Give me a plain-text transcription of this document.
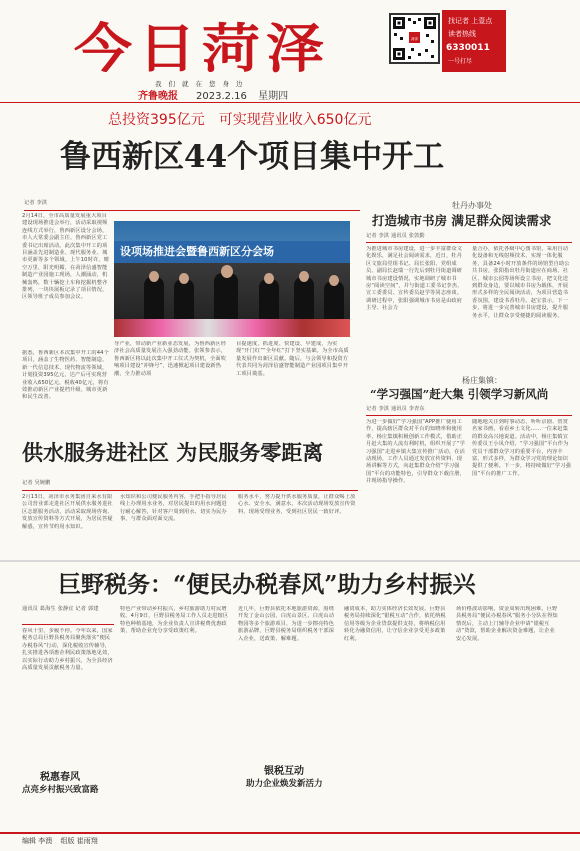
今日菏泽
我们就在您身边
齐鲁晚报 2023.2.16 星期四
菏泽
找记者 上壹点
读者热线
6330011
一号打尽
总投资395亿元　可实现营业收入650亿元
鲁西新区44个项目集中开工
记者 李淇
2月14日，全市高质量发展重大项目建设现场推进会举行，活动采取视频连线方式举行，鲁西新区设分会场，市人大常委会副主任、鲁西新区党工委书记出席活动。此次集中开工的项目涵盖先进制造业、现代服务业、城市更新等多个领域。上午10时许，晴空万里，阳光明媚，在菏泽信盛智能制造产业园施工现场，人潮涌动，机械轰鸣，数十辆挖土车和挖掘机整齐排列，一块块展板记录了项目情况，区领导班子成员参加会议。
据悉，鲁西新区本次集中开工的44个项目，涵盖了生物医药、智能制造、新一代信息技术、现代物流等领域，计划投资395亿元，达产后可实现营业收入650亿元，税收40亿元，将有效推动新区产业提档升级、城市更新和民生改善。
设项场推进会暨鲁西新区分会场
导产业，带动新产业新业态发展，为鲁西新区经济社会高质量发展注入强劲动能。张领参表示，鲁西新区将以此次集中开工仪式为契机，全面吹响项目建设“冲锋号”，迅速掀起项目建设新热潮，全力推动项
目提速度、抓进度、快建设、早建成，为实现“开门红”“全年红”打下坚实基础，为全市高质量发展作出新区贡献。随后，与会领导和投资方代表共同为菏泽信盛智能制造产业园项目集中开工项目奠基。
牡丹办事处
打造城市书房 满足群众阅读需求
记者 李淇 通讯员 张敦勤
为推进城市书房建设，进一步丰富群众文化娱乐，满足社会阅读需求，近日，牡丹区文旅局党组书记、局长张阳、党组成员、副局长赵瑞一行先后到牡丹街道调研城市书房建设情况，实地调研了城市书房“阅读空间”，并与街道工委书记李杰、宣工委委员、宣传委员赵学等同志座谈。调研过程中，张阳强调城市书房是由政府主导、社会力
量合办，依托各级中心图书馆，采用自动化设备和无线射频技术，实现一体化服务，具备24小时开放条件的场馆型自助公共书房，张阳指出牡丹街道应在商场、社区、城市公园等场所设立书房，把文化送到群众身边，要以城市书房为载体，开展形式多样的全民阅读活动，为项目营造书香氛围，建设书香牡丹。赵宝表示，下一步，将进一步完善城市书房建设，提升服务水平，让群众享受便捷的阅读服务。
杨庄集镇：
“学习强国”赶大集 引领学习新风尚
记者 李淇 通讯员 李青东
为进一步做好“学习强国”APP推广使用工作，提高辖区群众对平台的知晓率和使用率，杨庄集镇积极创新工作模式，借助正月赶大集的人流有利时机，组织开展了“学习强国”走进乡镇大集宣传推广活动。在活动现场，工作人员通过发放宣传资料、现场讲解等方式，向赶集群众介绍“学习强国”平台的功能特色，引导群众下载注册，并现场指导操作。
随地地关注到时事动态，听听京剧、赏赏名家书画，看看乡土文化……一位来赶集的群众高兴地说道。活动中，杨庄集镇宣传委员王小凤介绍，“学习强国”平台作为党员干部群众学习的重要平台，内容丰富、形式多样，为群众学习党的理论知识提供了便利。下一步，将持续做好“学习强国”平台的推广工作。
供水服务进社区 为民服务零距离
记者 吴婉鹏
2月13日，菏泽市水务集团自来水有限公司营业部走进社区开展供水服务进社区志愿服务活动，活动采取现场咨询、发放宣传资料等方式开展，为居民答疑解惑，宣传节约用水知识。
水知识和公司便民服务内容，手把手指导居民线上办理用水业务，对居民提出的用水问题进行耐心解答，针对客户周到用水，切实为民办事，与群众面对面交流。
服务水平，努力提升供水服务质量，让群众喝上放心水、安全水，满意水。本次活动现场发放宣传资料，现场受理业务，受到社区居民一致好评。
巨野税务：“便民办税春风”助力乡村振兴
通讯员 葛海生 张静宜 记者 郭建
春风十里，步履不停。今年以来，国家税务总局巨野县税务局聚焦落实“便民办税春风”行动，深化税收宣传辅导，扎实推进各项惠企利民政策落地见效，以实际行动助力乡村振兴，为全县经济高质量发展贡献税务力量。
税惠春风
点亮乡村振兴致富路
特色产业带动乡村振兴，乡村旅游助力村民增收。4月9日，巨野县税务局工作人员走进辖区特色种植基地，为企业负责人宣讲税费优惠政策，帮助企业充分享受政策红利。
近几年，巨野县依托本地旅游资源，围绕开发了金山公园、白虎山景区、白虎山动物园等多个旅游项目，为进一步擦亮特色旅游品牌，巨野县税务局组织税务干部深入企业，送政策、解难题。
银税互动
助力企业焕发新活力
融资成本，助力实体经济长效发展。巨野县税务局持续深化“银税互动”合作，依托纳税信用等级为企业贷款提供支持，将纳税信用转化为融资信用，让守信企业享受更多政策红利。
场价格波动影响，资金周转出现困难。巨野县税务局“便民办税春风”服务小分队在得知情况后，主动上门辅导企业申请“银税互动”贷款，帮助企业解决资金难题，让企业安心发展。
编辑 李澳 组版 崔雨翔
